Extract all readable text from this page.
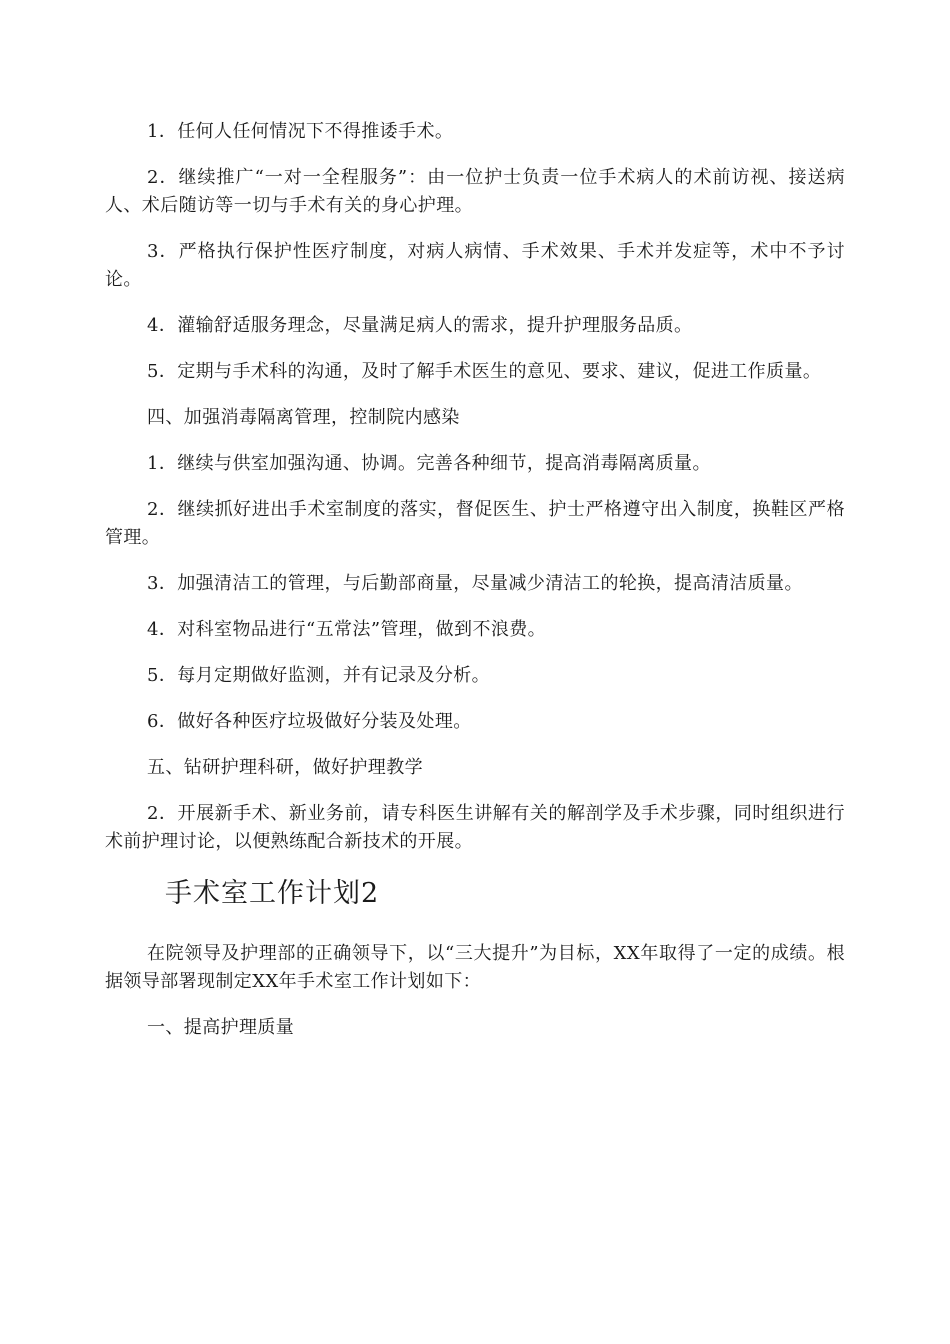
1．任何人任何情况下不得推诿手术。

2．继续推广“一对一全程服务”：由一位护士负责一位手术病人的术前访视、接送病人、术后随访等一切与手术有关的身心护理。

3．严格执行保护性医疗制度，对病人病情、手术效果、手术并发症等，术中不予讨论。

4．灌输舒适服务理念，尽量满足病人的需求，提升护理服务品质。

5．定期与手术科的沟通，及时了解手术医生的意见、要求、建议，促进工作质量。

四、加强消毒隔离管理，控制院内感染

1．继续与供室加强沟通、协调。完善各种细节，提高消毒隔离质量。

2．继续抓好进出手术室制度的落实，督促医生、护士严格遵守出入制度，换鞋区严格管理。

3．加强清洁工的管理，与后勤部商量，尽量减少清洁工的轮换，提高清洁质量。

4．对科室物品进行“五常法”管理，做到不浪费。

5．每月定期做好监测，并有记录及分析。

6．做好各种医疗垃圾做好分装及处理。

五、钻研护理科研，做好护理教学

2．开展新手术、新业务前，请专科医生讲解有关的解剖学及手术步骤，同时组织进行术前护理讨论，以便熟练配合新技术的开展。

手术室工作计划2

在院领导及护理部的正确领导下，以“三大提升”为目标，XX年取得了一定的成绩。根据领导部署现制定XX年手术室工作计划如下：

一、提高护理质量
